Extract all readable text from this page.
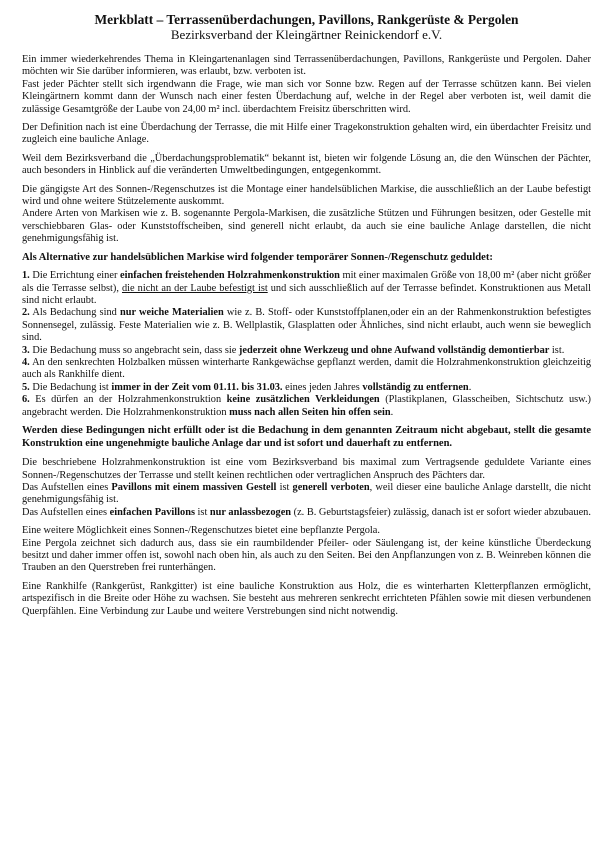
Merkblatt – Terrassenüberdachungen, Pavillons, Rankgerüste & Pergolen
Bezirksverband der Kleingärtner Reinickendorf e.V.

Ein immer wiederkehrendes Thema in Kleingartenanlagen sind Terrassenüberdachungen, Pavillons, Rankgerüste und Pergolen. Daher möchten wir Sie darüber informieren, was erlaubt, bzw. verboten ist.

Fast jeder Pächter stellt sich irgendwann die Frage, wie man sich vor Sonne bzw. Regen auf der Terrasse schützen kann. Bei vielen Kleingärtnern kommt dann der Wunsch nach einer festen Überdachung auf, welche in der Regel aber verboten ist, weil damit die zulässige Gesamtgröße der Laube von 24,00 m² incl. überdachtem Freisitz überschritten wird.

Der Definition nach ist eine Überdachung der Terrasse, die mit Hilfe einer Tragekonstruktion gehalten wird, ein überdachter Freisitz und zugleich eine bauliche Anlage.

Weil dem Bezirksverband die „Überdachungsproblematik“ bekannt ist, bieten wir folgende Lösung an, die den Wünschen der Pächter, auch besonders in Hinblick auf die veränderten Umweltbedingungen, entgegenkommt.

Die gängigste Art des Sonnen-/Regenschutzes ist die Montage einer handelsüblichen Markise, die ausschließlich an der Laube befestigt wird und ohne weitere Stützelemente auskommt.

Andere Arten von Markisen wie z. B. sogenannte Pergola-Markisen, die zusätzliche Stützen und Führungen besitzen, oder Gestelle mit verschiebbaren Glas- oder Kunststoffscheiben, sind generell nicht erlaubt, da auch sie eine bauliche Anlage darstellen, die nicht genehmigungsfähig ist.

Als Alternative zur handelsüblichen Markise wird folgender temporärer Sonnen-/Regenschutz geduldet:

1. Die Errichtung einer einfachen freistehenden Holzrahmenkonstruktion mit einer maximalen Größe von 18,00 m² (aber nicht größer als die Terrasse selbst), die nicht an der Laube befestigt ist und sich ausschließlich auf der Terrasse befindet. Konstruktionen aus Metall sind nicht erlaubt.

2. Als Bedachung sind nur weiche Materialien wie z. B. Stoff- oder Kunststoffplanen,oder ein an der Rahmenkonstruktion befestigtes Sonnensegel, zulässig. Feste Materialien wie z. B. Wellplastik, Glasplatten oder Ähnliches, sind nicht erlaubt, auch wenn sie beweglich sind.

3. Die Bedachung muss so angebracht sein, dass sie jederzeit ohne Werkzeug und ohne Aufwand vollständig demontierbar ist.

4. An den senkrechten Holzbalken müssen winterharte Rankgewächse gepflanzt werden, damit die Holzrahmenkonstruktion gleichzeitig auch als Rankhilfe dient.

5. Die Bedachung ist immer in der Zeit vom 01.11. bis 31.03. eines jeden Jahres vollständig zu entfernen.

6. Es dürfen an der Holzrahmenkonstruktion keine zusätzlichen Verkleidungen (Plastikplanen, Glasscheiben, Sichtschutz usw.) angebracht werden. Die Holzrahmenkonstruktion muss nach allen Seiten hin offen sein.

Werden diese Bedingungen nicht erfüllt oder ist die Bedachung in dem genannten Zeitraum nicht abgebaut, stellt die gesamte Konstruktion eine ungenehmigte bauliche Anlage dar und ist sofort und dauerhaft zu entfernen.

Die beschriebene Holzrahmenkonstruktion ist eine vom Bezirksverband bis maximal zum Vertragsende geduldete Variante eines Sonnen-/Regenschutzes der Terrasse und stellt keinen rechtlichen oder vertraglichen Anspruch des Pächters dar.

Das Aufstellen eines Pavillons mit einem massiven Gestell ist generell verboten, weil dieser eine bauliche Anlage darstellt, die nicht genehmigungsfähig ist.

Das Aufstellen eines einfachen Pavillons ist nur anlassbezogen (z. B. Geburtstagsfeier) zulässig, danach ist er sofort wieder abzubauen.

Eine weitere Möglichkeit eines Sonnen-/Regenschutzes bietet eine bepflanzte Pergola.

Eine Pergola zeichnet sich dadurch aus, dass sie ein raumbildender Pfeiler- oder Säulengang ist, der keine künstliche Überdeckung besitzt und daher immer offen ist, sowohl nach oben hin, als auch zu den Seiten. Bei den Anpflanzungen von z. B. Weinreben können die Trauben an den Querstreben frei runterhängen.

Eine Rankhilfe (Rankgerüst, Rankgitter) ist eine bauliche Konstruktion aus Holz, die es winterharten Kletterpflanzen ermöglicht, artspezifisch in die Breite oder Höhe zu wachsen. Sie besteht aus mehreren senkrecht errichteten Pfählen sowie mit diesen verbundenen Querpfählen. Eine Verbindung zur Laube und weitere Verstrebungen sind nicht notwendig.
